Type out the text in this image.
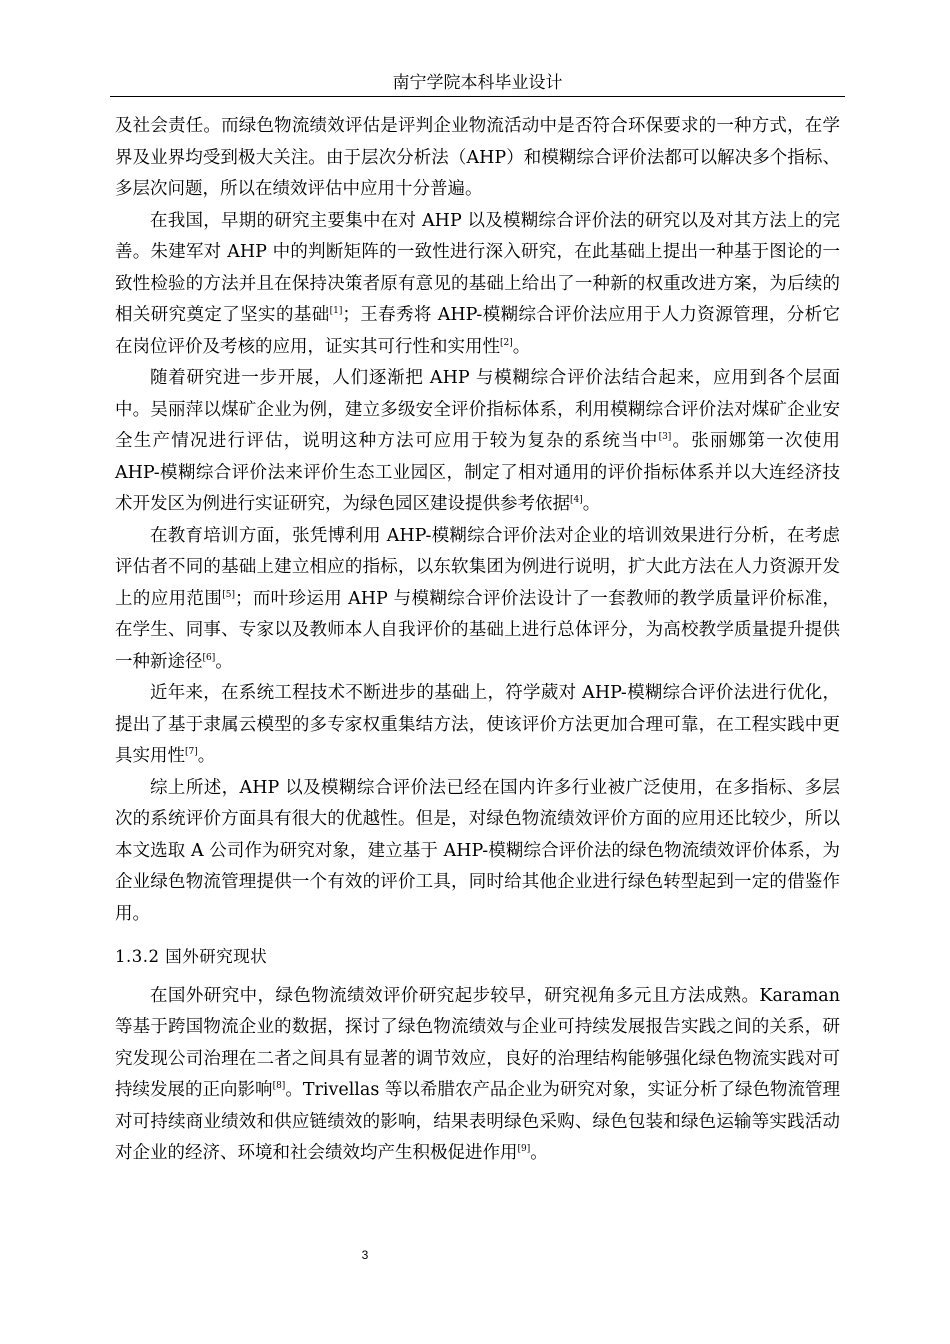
南宁学院本科毕业设计

及社会责任。而绿色物流绩效评估是评判企业物流活动中是否符合环保要求的一种方式，在学界及业界均受到极大关注。由于层次分析法（AHP）和模糊综合评价法都可以解决多个指标、多层次问题，所以在绩效评估中应用十分普遍。

在我国，早期的研究主要集中在对 AHP 以及模糊综合评价法的研究以及对其方法上的完善。朱建军对 AHP 中的判断矩阵的一致性进行深入研究，在此基础上提出一种基于图论的一致性检验的方法并且在保持决策者原有意见的基础上给出了一种新的权重改进方案，为后续的相关研究奠定了坚实的基础[1]；王春秀将 AHP-模糊综合评价法应用于人力资源管理，分析它在岗位评价及考核的应用，证实其可行性和实用性[2]。

随着研究进一步开展，人们逐渐把 AHP 与模糊综合评价法结合起来，应用到各个层面中。吴丽萍以煤矿企业为例，建立多级安全评价指标体系，利用模糊综合评价法对煤矿企业安全生产情况进行评估，说明这种方法可应用于较为复杂的系统当中[3]。张丽娜第一次使用 AHP-模糊综合评价法来评价生态工业园区，制定了相对通用的评价指标体系并以大连经济技术开发区为例进行实证研究，为绿色园区建设提供参考依据[4]。

在教育培训方面，张凭博利用 AHP-模糊综合评价法对企业的培训效果进行分析，在考虑评估者不同的基础上建立相应的指标，以东软集团为例进行说明，扩大此方法在人力资源开发上的应用范围[5]；而叶珍运用 AHP 与模糊综合评价法设计了一套教师的教学质量评价标准，在学生、同事、专家以及教师本人自我评价的基础上进行总体评分，为高校教学质量提升提供一种新途径[6]。

近年来，在系统工程技术不断进步的基础上，符学葳对 AHP-模糊综合评价法进行优化，提出了基于隶属云模型的多专家权重集结方法，使该评价方法更加合理可靠，在工程实践中更具实用性[7]。

综上所述，AHP 以及模糊综合评价法已经在国内许多行业被广泛使用，在多指标、多层次的系统评价方面具有很大的优越性。但是，对绿色物流绩效评价方面的应用还比较少，所以本文选取 A 公司作为研究对象，建立基于 AHP-模糊综合评价法的绿色物流绩效评价体系，为企业绿色物流管理提供一个有效的评价工具，同时给其他企业进行绿色转型起到一定的借鉴作用。

1.3.2 国外研究现状

在国外研究中，绿色物流绩效评价研究起步较早，研究视角多元且方法成熟。Karaman 等基于跨国物流企业的数据，探讨了绿色物流绩效与企业可持续发展报告实践之间的关系，研究发现公司治理在二者之间具有显著的调节效应，良好的治理结构能够强化绿色物流实践对可持续发展的正向影响[8]。Trivellas 等以希腊农产品企业为研究对象，实证分析了绿色物流管理对可持续商业绩效和供应链绩效的影响，结果表明绿色采购、绿色包装和绿色运输等实践活动对企业的经济、环境和社会绩效均产生积极促进作用[9]。

3
